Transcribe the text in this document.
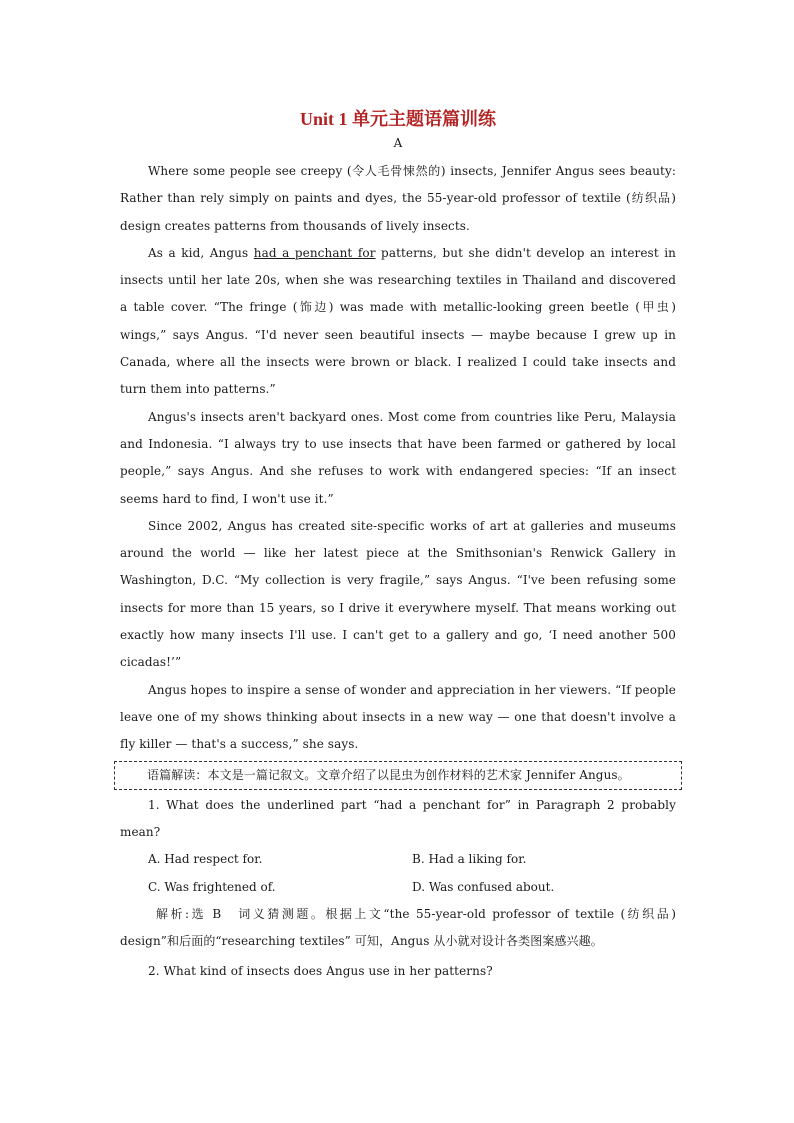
Unit 1 单元主题语篇训练
A

Where some people see creepy (令人毛骨悚然的) insects, Jennifer Angus sees beauty: Rather than rely simply on paints and dyes, the 55-year-old professor of textile (纺织品) design creates patterns from thousands of lively insects.

As a kid, Angus had a penchant for patterns, but she didn't develop an interest in insects until her late 20s, when she was researching textiles in Thailand and discovered a table cover. “The fringe (饰边) was made with metallic-looking green beetle (甲虫) wings,” says Angus. “I'd never seen beautiful insects — maybe because I grew up in Canada, where all the insects were brown or black. I realized I could take insects and turn them into patterns.”

Angus's insects aren't backyard ones. Most come from countries like Peru, Malaysia and Indonesia. “I always try to use insects that have been farmed or gathered by local people,” says Angus. And she refuses to work with endangered species: “If an insect seems hard to find, I won't use it.”

Since 2002, Angus has created site-specific works of art at galleries and museums around the world — like her latest piece at the Smithsonian's Renwick Gallery in Washington, D.C. “My collection is very fragile,” says Angus. “I've been refusing some insects for more than 15 years, so I drive it everywhere myself. That means working out exactly how many insects I'll use. I can't get to a gallery and go, ‘I need another 500 cicadas!’”

Angus hopes to inspire a sense of wonder and appreciation in her viewers. “If people leave one of my shows thinking about insects in a new way — one that doesn't involve a fly killer — that's a success,” she says.

语篇解读：本文是一篇记叙文。文章介绍了以昆虫为创作材料的艺术家 Jennifer Angus。

1. What does the underlined part “had a penchant for” in Paragraph 2 probably mean?

A. Had respect for.	B. Had a liking for.
C. Was frightened of.	D. Was confused about.

解析:选 B　词义猜测题。根据上文“the 55-year-old professor of textile (纺织品) design”和后面的“researching textiles” 可知，Angus 从小就对设计各类图案感兴趣。

2. What kind of insects does Angus use in her patterns?
